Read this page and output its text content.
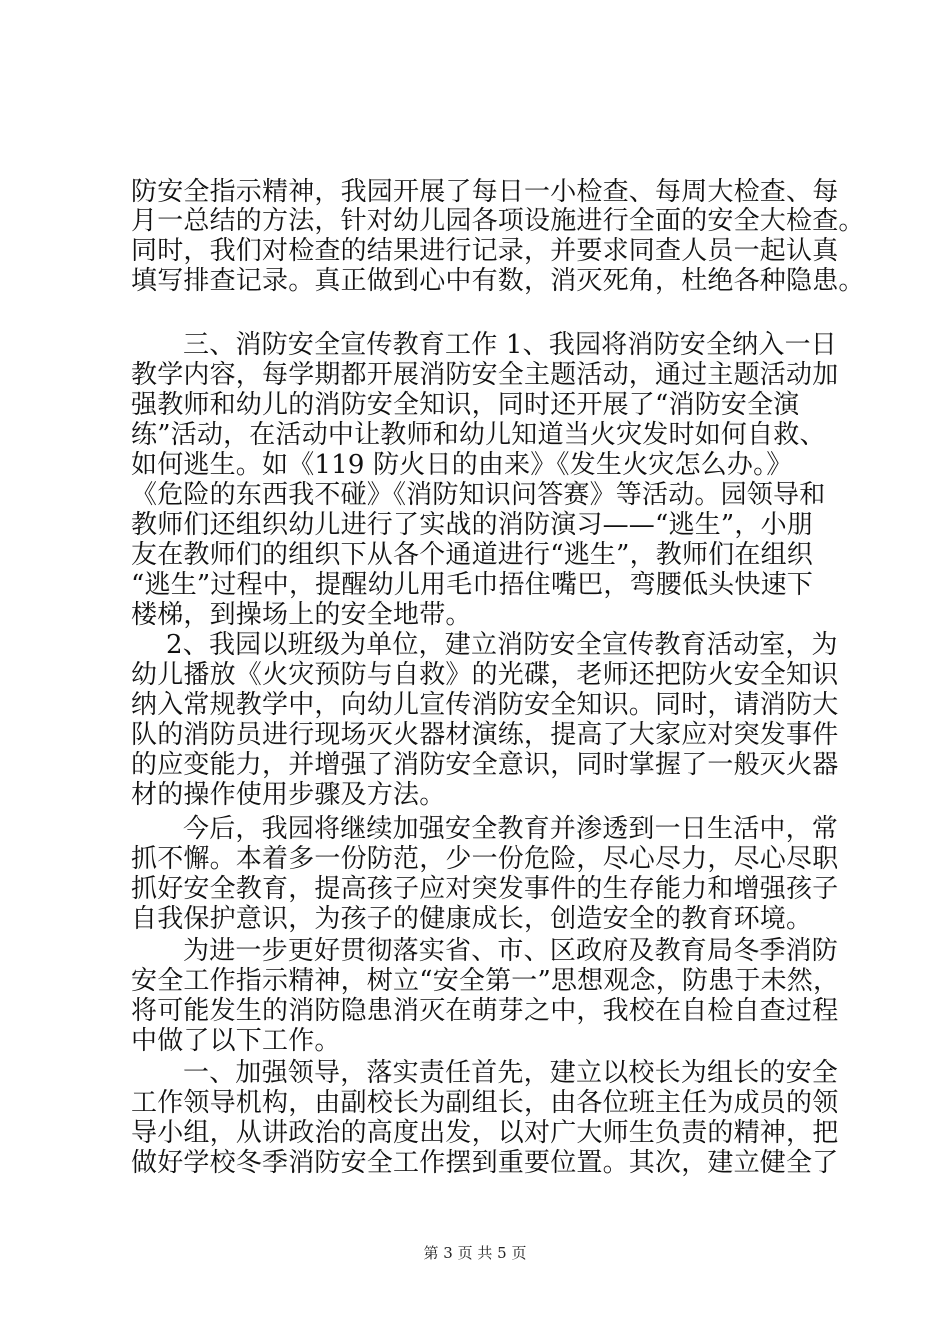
防安全指示精神，我园开展了每日一小检查、每周大检查、每
月一总结的方法，针对幼儿园各项设施进行全面的安全大检查。
同时，我们对检查的结果进行记录，并要求同查人员一起认真
填写排查记录。真正做到心中有数，消灭死角，杜绝各种隐患。
三、消防安全宣传教育工作 1、我园将消防安全纳入一日
教学内容，每学期都开展消防安全主题活动，通过主题活动加
强教师和幼儿的消防安全知识，同时还开展了“消防安全演
练”活动，在活动中让教师和幼儿知道当火灾发时如何自救、
如何逃生。如《119 防火日的由来》《发生火灾怎么办。》
《危险的东西我不碰》《消防知识问答赛》等活动。园领导和
教师们还组织幼儿进行了实战的消防演习——“逃生”，小朋
友在教师们的组织下从各个通道进行“逃生”，教师们在组织
“逃生”过程中，提醒幼儿用毛巾捂住嘴巴，弯腰低头快速下
楼梯，到操场上的安全地带。
2、我园以班级为单位，建立消防安全宣传教育活动室，为
幼儿播放《火灾预防与自救》的光碟，老师还把防火安全知识
纳入常规教学中，向幼儿宣传消防安全知识。同时，请消防大
队的消防员进行现场灭火器材演练，提高了大家应对突发事件
的应变能力，并增强了消防安全意识，同时掌握了一般灭火器
材的操作使用步骤及方法。
今后，我园将继续加强安全教育并渗透到一日生活中，常
抓不懈。本着多一份防范，少一份危险，尽心尽力，尽心尽职
抓好安全教育，提高孩子应对突发事件的生存能力和增强孩子
自我保护意识，为孩子的健康成长，创造安全的教育环境。
为进一步更好贯彻落实省、市、区政府及教育局冬季消防
安全工作指示精神，树立“安全第一”思想观念，防患于未然，
将可能发生的消防隐患消灭在萌芽之中，我校在自检自查过程
中做了以下工作。
一、加强领导，落实责任首先，建立以校长为组长的安全
工作领导机构，由副校长为副组长，由各位班主任为成员的领
导小组，从讲政治的高度出发，以对广大师生负责的精神，把
做好学校冬季消防安全工作摆到重要位置。其次，建立健全了
第 3 页 共 5 页
